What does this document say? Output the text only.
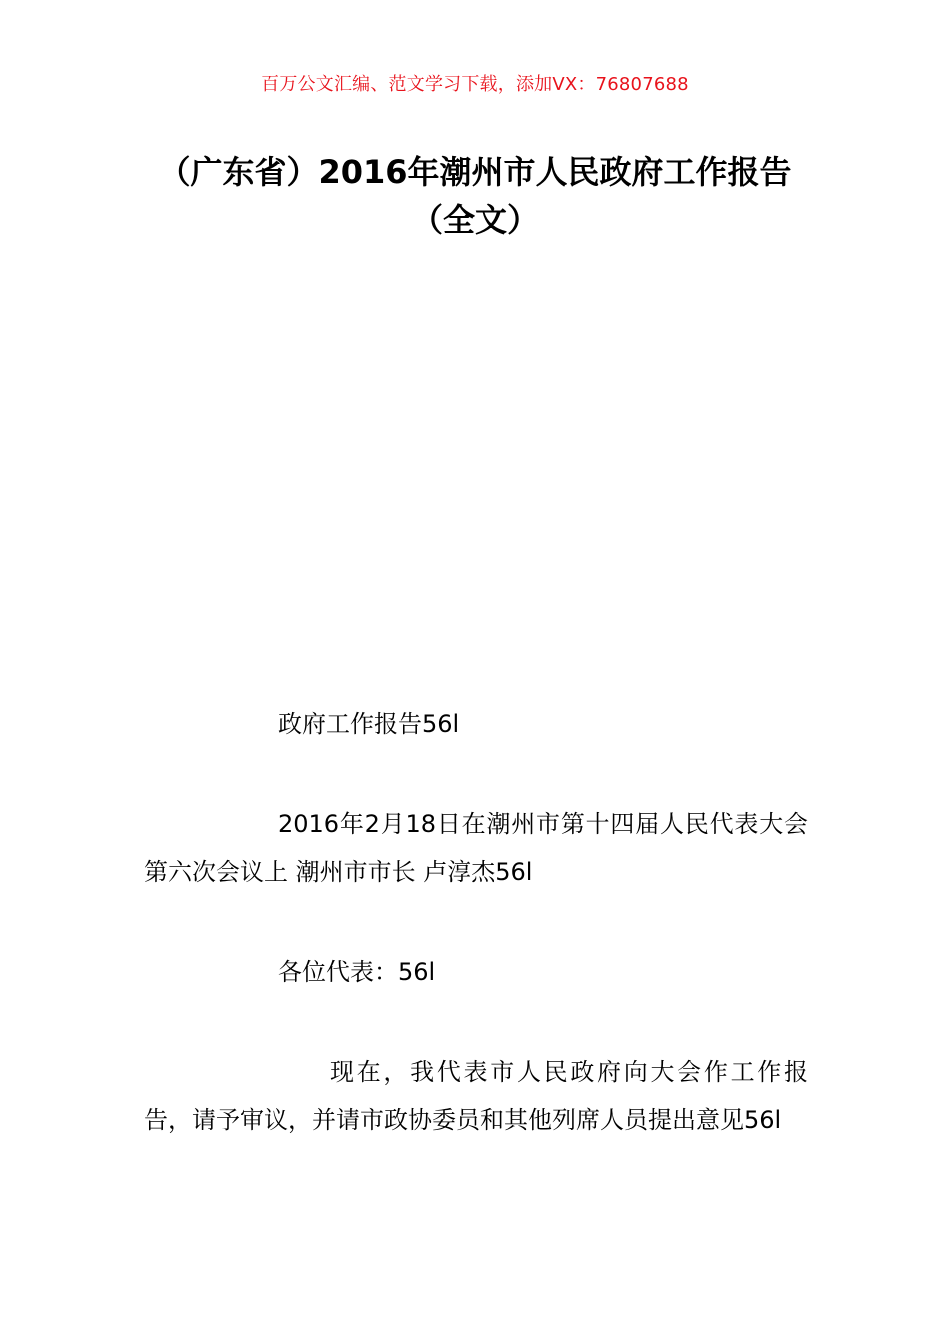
百万公文汇编、范文学习下载，添加VX：76807688
（广东省）2016年潮州市人民政府工作报告（全文）
政府工作报告56l
2016年2月18日在潮州市第十四届人民代表大会第六次会议上 潮州市市长 卢淳杰56l
各位代表：56l
现在，我代表市人民政府向大会作工作报告，请予审议，并请市政协委员和其他列席人员提出意见56l
